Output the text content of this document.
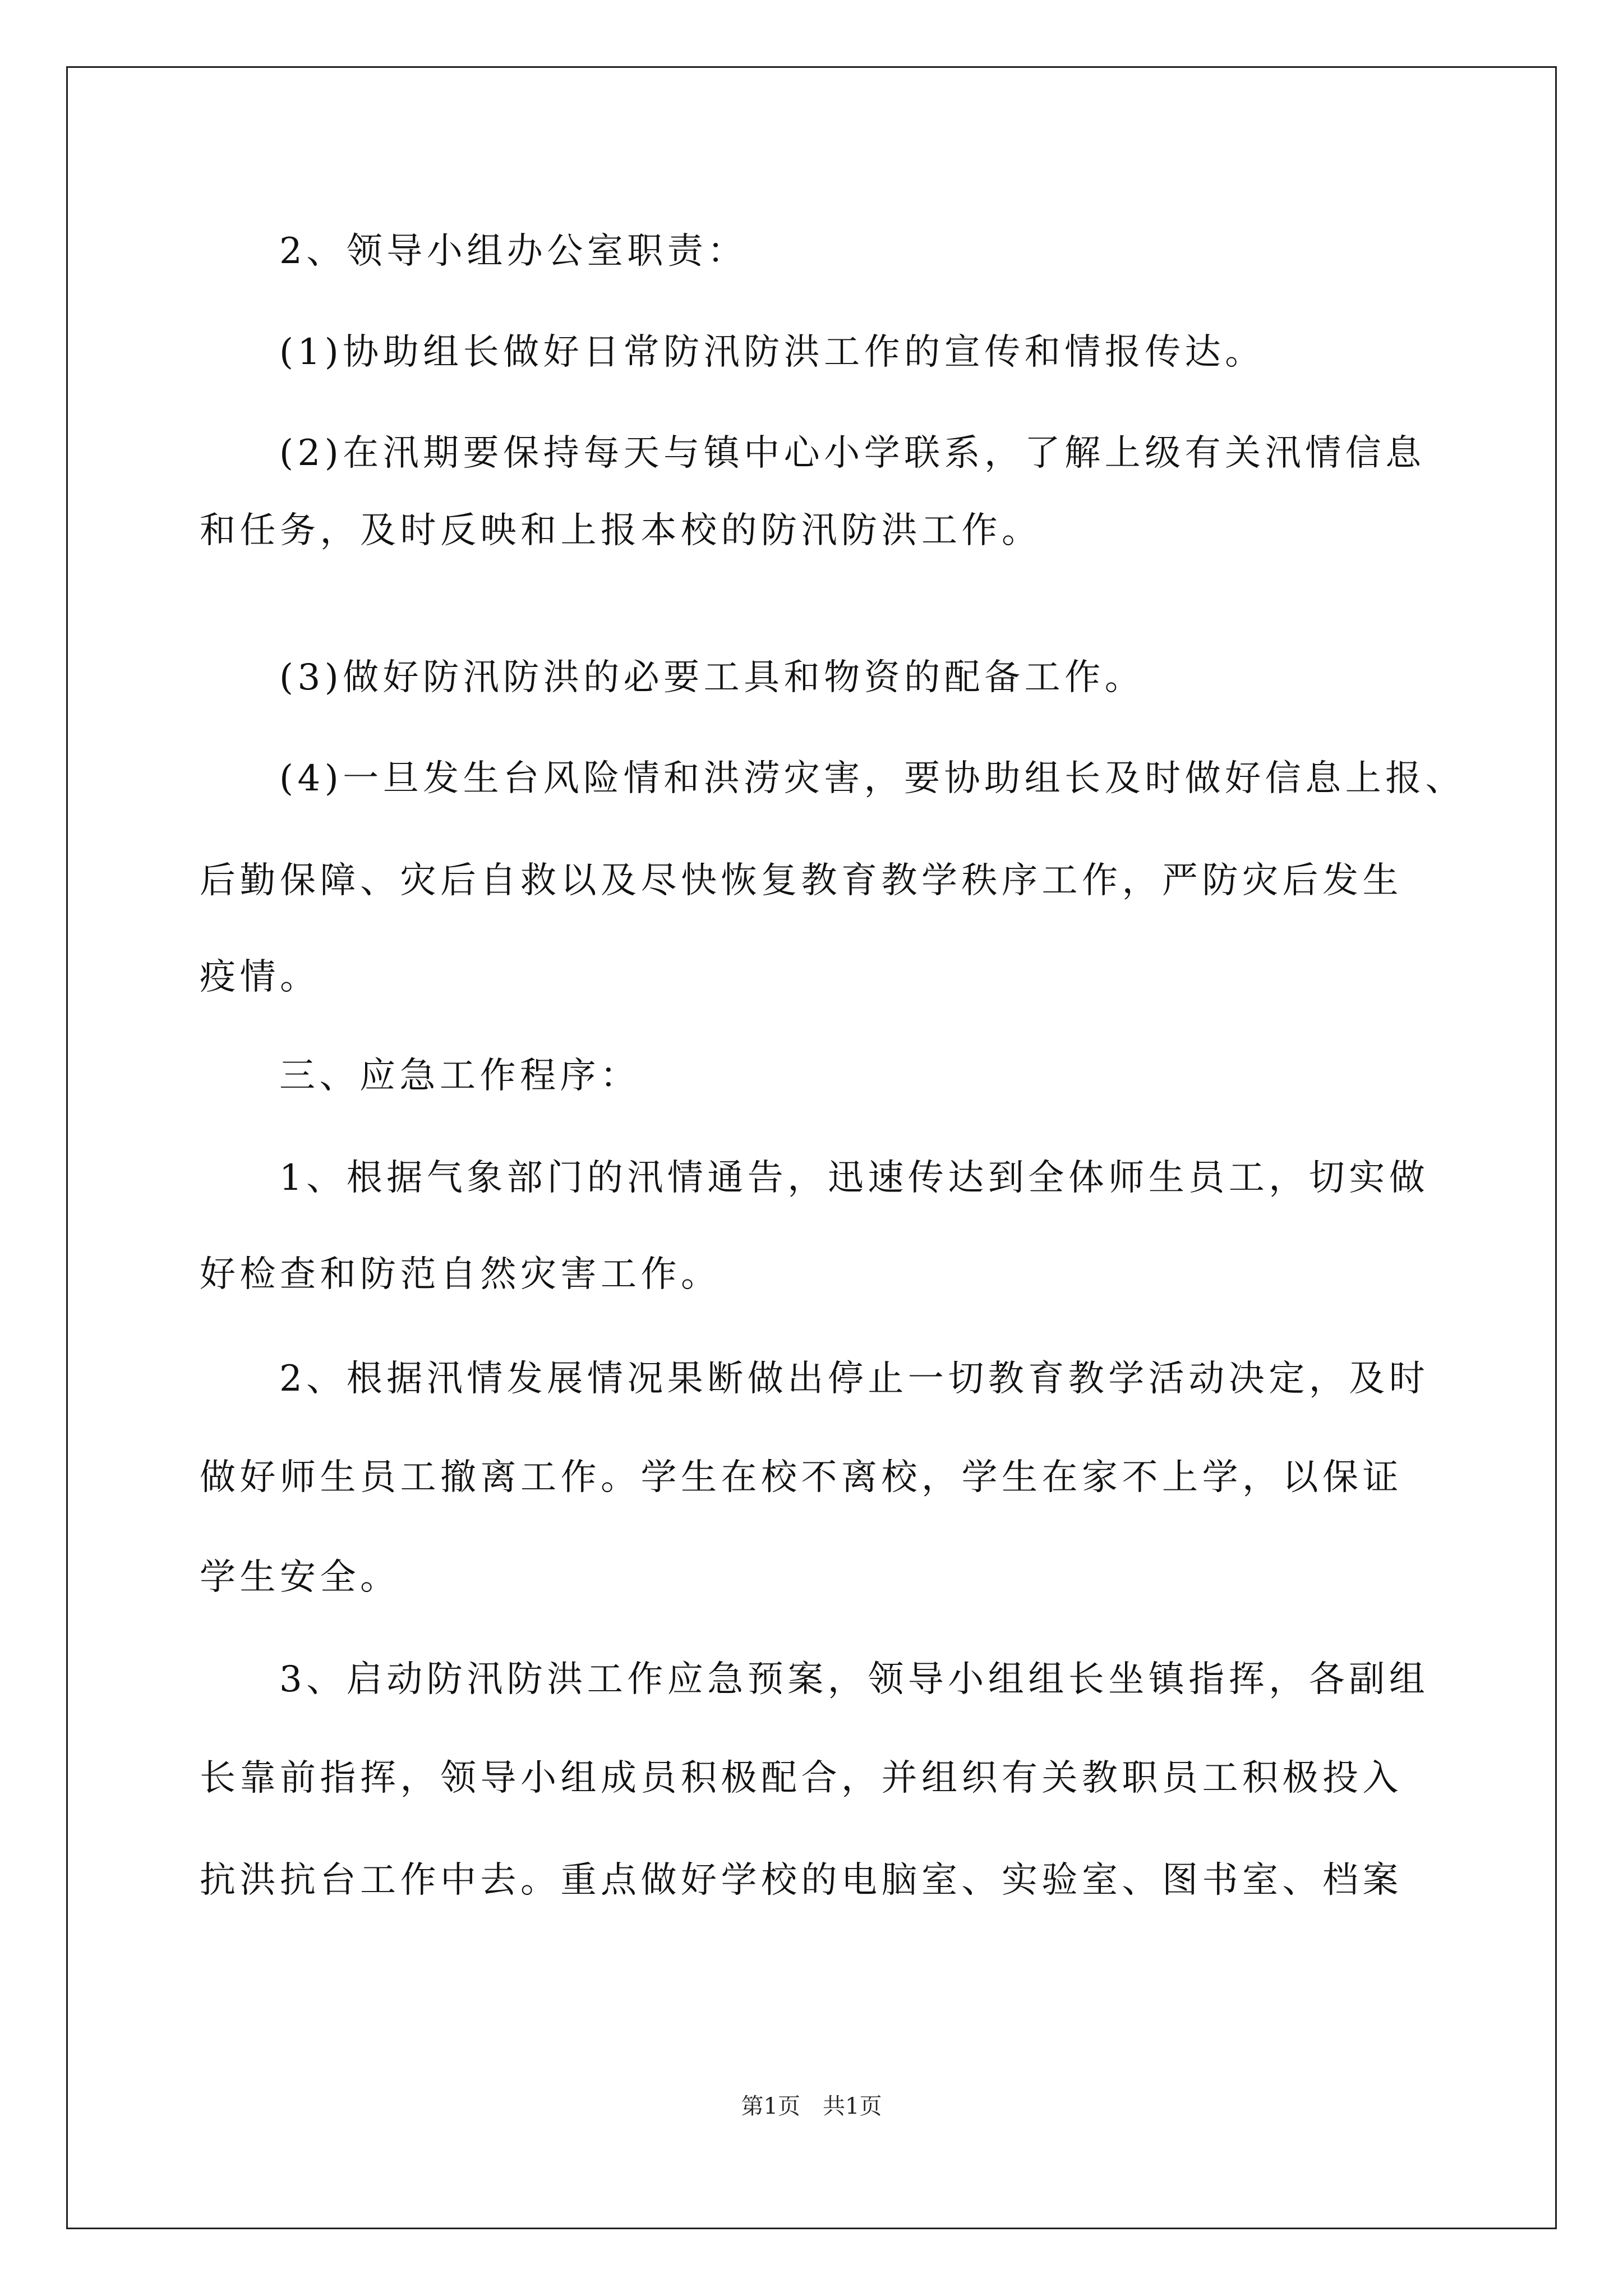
2、领导小组办公室职责：
(1)协助组长做好日常防汛防洪工作的宣传和情报传达。
(2)在汛期要保持每天与镇中心小学联系，了解上级有关汛情信息
和任务，及时反映和上报本校的防汛防洪工作。
(3)做好防汛防洪的必要工具和物资的配备工作。
(4)一旦发生台风险情和洪涝灾害，要协助组长及时做好信息上报、
后勤保障、灾后自救以及尽快恢复教育教学秩序工作，严防灾后发生
疫情。
三、应急工作程序：
1、根据气象部门的汛情通告，迅速传达到全体师生员工，切实做
好检查和防范自然灾害工作。
2、根据汛情发展情况果断做出停止一切教育教学活动决定，及时
做好师生员工撤离工作。学生在校不离校，学生在家不上学，以保证
学生安全。
3、启动防汛防洪工作应急预案，领导小组组长坐镇指挥，各副组
长靠前指挥，领导小组成员积极配合，并组织有关教职员工积极投入
抗洪抗台工作中去。重点做好学校的电脑室、实验室、图书室、档案
第1页　共1页
